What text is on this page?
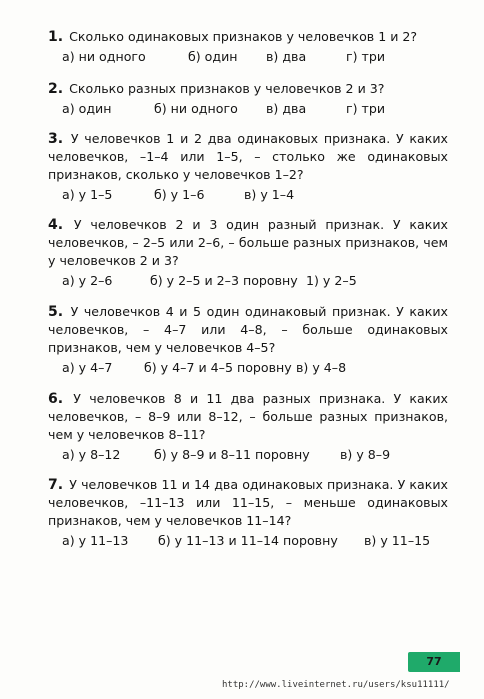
1. Сколько одинаковых признаков у человечков 1 и 2?
а) ни одного	б) один в) два	г) три
2. Сколько разных признаков у человечков 2 и 3?
а) один	б) ни одного в) два	г) три
3. У человечков 1 и 2 два одинаковых признака. У каких человечков, –1–4 или 1–5, – столько же одинаковых признаков, сколько у человечков 1–2?
а) у 1–5	б) у 1–6	в) у 1–4
4. У человечков 2 и 3 один разный признак. У каких человечков, – 2–5 или 2–6, – больше разных признаков, чем у человечков 2 и 3?
а) у 2–6	б) у 2–5 и 2–3 поровну 1) у 2–5
5. У человечков 4 и 5 один одинаковый признак. У каких человечков, – 4–7 или 4–8, – больше одинаковых признаков, чем у человечков 4–5?
а) у 4–7	б) у 4–7 и 4–5 поровну в) у 4–8
6. У человечков 8 и 11 два разных признака. У каких человечков, – 8–9 или 8–12, – больше разных признаков, чем у человечков 8–11?
а) у 8–12	б) у 8–9 и 8–11 поровну в) у 8–9
7. У человечков 11 и 14 два одинаковых признака. У каких человечков, –11–13 или 11–15, – меньше одинаковых признаков, чем у человечков 11–14?
а) у 11–13 б) у 11–13 и 11–14 поровну в) у 11–15
77
http://www.liveinternet.ru/users/ksu11111/
